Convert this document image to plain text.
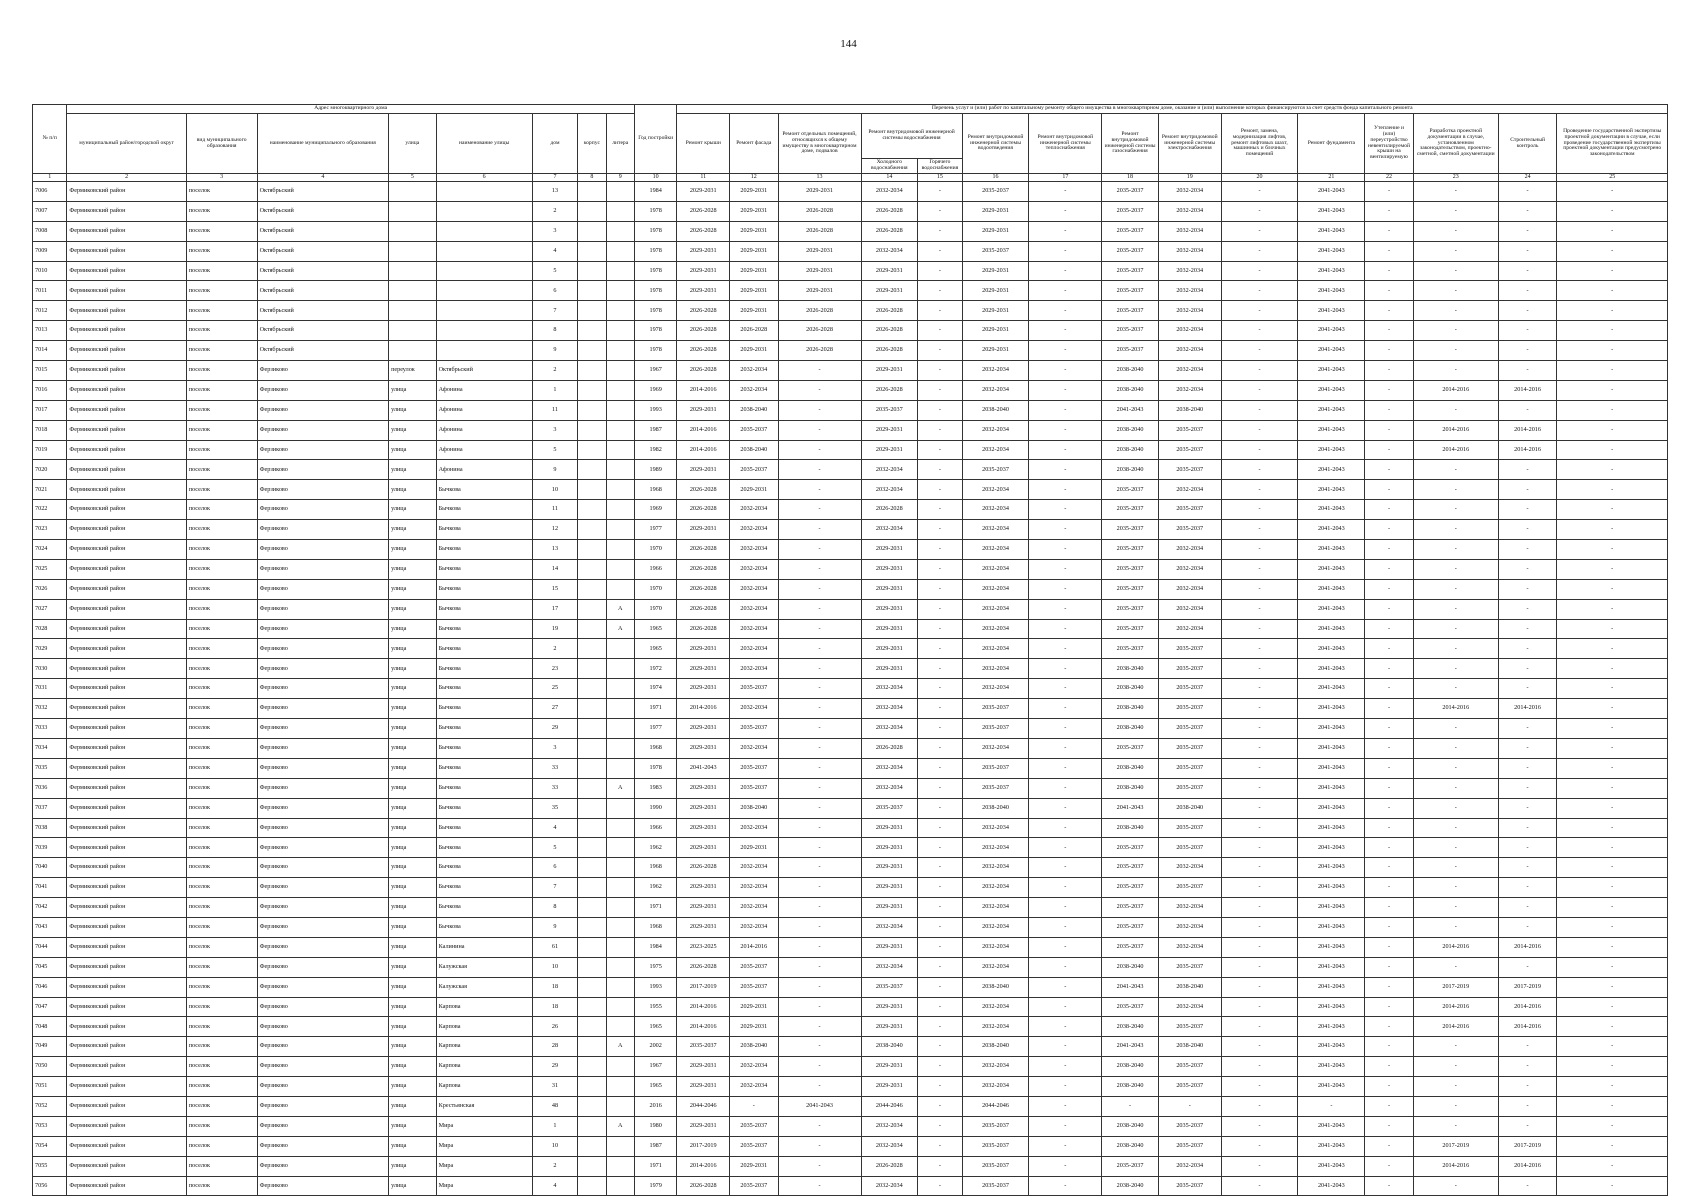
144
№ п/п	Адрес многоквартирного дома								Год постройки	Перечень услуг и (или) работ по капитальному ремонту общего имущества в многоквартирном доме, оказание и (или) выполнение которых финансируются за счет средств фонда капитального ремонта														
	муниципальный район/городской округ	вид муниципального образования	наименование муниципального образования	улица	наименование улицы	дом	корпус	литера		Ремонт крыши	Ремонт фасада	Ремонт отдельных помещений, относящихся к общему имуществу в многоквартирном доме, подвалов	Ремонт внутридомовой инженерной системы водоснабжения		Ремонт внутридомовой инженерной системы водоотведения	Ремонт внутридомовой инженерной системы теплоснабжения	Ремонт внутридомовой инженерной системы газоснабжения	Ремонт внутридомовой инженерной системы электроснабжения	Ремонт, замена, модернизация лифтов, ремонт лифтовых шахт, машинных и блочных помещений	Ремонт фундамента	Утепление и (или) переустройство невентилируемой крыши на вентилируемую	Разработка проектной документации в случае, установленном законодательством, проектно-сметной, сметной документации	Строительный контроль	Проведение государственной экспертизы проектной документации в случае, если проведение государственной экспертизы проектной документации предусмотрено законодательством
													Холодного водоснабжения	Горячего водоснабжения										
1	2	3	4	5	6	7	8	9	10	11	12	13	14	15	16	17	18	19	20	21	22	23	24	25
7006	Фермиковский район	поселок	Октябрьский			13			1984	2029-2031	2029-2031	2029-2031	2032-2034	-	2035-2037	-	2035-2037	2032-2034	-	2041-2043	-	-	-	-
7007	Фермиковский район	поселок	Октябрьский			2			1978	2026-2028	2029-2031	2026-2028	2026-2028	-	2029-2031	-	2035-2037	2032-2034	-	2041-2043	-	-	-	-
7008	Фермиковский район	поселок	Октябрьский			3			1978	2026-2028	2029-2031	2026-2028	2026-2028	-	2029-2031	-	2035-2037	2032-2034	-	2041-2043	-	-	-	-
7009	Фермиковский район	поселок	Октябрьский			4			1978	2029-2031	2029-2031	2029-2031	2032-2034	-	2035-2037	-	2035-2037	2032-2034	-	2041-2043	-	-	-	-
7010	Фермиковский район	поселок	Октябрьский			5			1978	2029-2031	2029-2031	2029-2031	2029-2031	-	2029-2031	-	2035-2037	2032-2034	-	2041-2043	-	-	-	-
7011	Фермиковский район	поселок	Октябрьский			6			1978	2029-2031	2029-2031	2029-2031	2029-2031	-	2029-2031	-	2035-2037	2032-2034	-	2041-2043	-	-	-	-
7012	Фермиковский район	поселок	Октябрьский			7			1978	2026-2028	2029-2031	2026-2028	2026-2028	-	2029-2031	-	2035-2037	2032-2034	-	2041-2043	-	-	-	-
7013	Фермиковский район	поселок	Октябрьский			8			1978	2026-2028	2026-2028	2026-2028	2026-2028	-	2029-2031	-	2035-2037	2032-2034	-	2041-2043	-	-	-	-
7014	Фермиковский район	поселок	Октябрьский			9			1978	2026-2028	2029-2031	2026-2028	2026-2028	-	2029-2031	-	2035-2037	2032-2034	-	2041-2043	-	-	-	-
7015	Фермиковский район	поселок	Ферзиково	переулок	Октябрьский	2			1967	2026-2028	2032-2034	-	2029-2031	-	2032-2034	-	2038-2040	2032-2034	-	2041-2043	-	-	-	-
7016	Фермиковский район	поселок	Ферзиково	улица	Афонина	1			1969	2014-2016	2032-2034	-	2026-2028	-	2032-2034	-	2038-2040	2032-2034	-	2041-2043	-	2014-2016	2014-2016	-
7017	Фермиковский район	поселок	Ферзиково	улица	Афонина	11			1993	2029-2031	2038-2040	-	2035-2037	-	2038-2040	-	2041-2043	2038-2040	-	2041-2043	-	-	-	-
7018	Фермиковский район	поселок	Ферзиково	улица	Афонина	3			1987	2014-2016	2035-2037	-	2029-2031	-	2032-2034	-	2038-2040	2035-2037	-	2041-2043	-	2014-2016	2014-2016	-
7019	Фермиковский район	поселок	Ферзиково	улица	Афонина	5			1982	2014-2016	2038-2040	-	2029-2031	-	2032-2034	-	2038-2040	2035-2037	-	2041-2043	-	2014-2016	2014-2016	-
7020	Фермиковский район	поселок	Ферзиково	улица	Афонина	9			1989	2029-2031	2035-2037	-	2032-2034	-	2035-2037	-	2038-2040	2035-2037	-	2041-2043	-	-	-	-
7021	Фермиковский район	поселок	Ферзиково	улица	Бычкова	10			1968	2026-2028	2029-2031	-	2032-2034	-	2032-2034	-	2035-2037	2032-2034	-	2041-2043	-	-	-	-
7022	Фермиковский район	поселок	Ферзиково	улица	Бычкова	11			1969	2026-2028	2032-2034	-	2026-2028	-	2032-2034	-	2035-2037	2035-2037	-	2041-2043	-	-	-	-
7023	Фермиковский район	поселок	Ферзиково	улица	Бычкова	12			1977	2029-2031	2032-2034	-	2032-2034	-	2032-2034	-	2035-2037	2035-2037	-	2041-2043	-	-	-	-
7024	Фермиковский район	поселок	Ферзиково	улица	Бычкова	13			1970	2026-2028	2032-2034	-	2029-2031	-	2032-2034	-	2035-2037	2032-2034	-	2041-2043	-	-	-	-
7025	Фермиковский район	поселок	Ферзиково	улица	Бычкова	14			1966	2026-2028	2032-2034	-	2029-2031	-	2032-2034	-	2035-2037	2032-2034	-	2041-2043	-	-	-	-
7026	Фермиковский район	поселок	Ферзиково	улица	Бычкова	15			1970	2026-2028	2032-2034	-	2029-2031	-	2032-2034	-	2035-2037	2032-2034	-	2041-2043	-	-	-	-
7027	Фермиковский район	поселок	Ферзиково	улица	Бычкова	17		А	1970	2026-2028	2032-2034	-	2029-2031	-	2032-2034	-	2035-2037	2032-2034	-	2041-2043	-	-	-	-
7028	Фермиковский район	поселок	Ферзиково	улица	Бычкова	19		А	1965	2026-2028	2032-2034	-	2029-2031	-	2032-2034	-	2035-2037	2032-2034	-	2041-2043	-	-	-	-
7029	Фермиковский район	поселок	Ферзиково	улица	Бычкова	2			1965	2029-2031	2032-2034	-	2029-2031	-	2032-2034	-	2035-2037	2035-2037	-	2041-2043	-	-	-	-
7030	Фермиковский район	поселок	Ферзиково	улица	Бычкова	23			1972	2029-2031	2032-2034	-	2029-2031	-	2032-2034	-	2038-2040	2035-2037	-	2041-2043	-	-	-	-
7031	Фермиковский район	поселок	Ферзиково	улица	Бычкова	25			1974	2029-2031	2035-2037	-	2032-2034	-	2032-2034	-	2038-2040	2035-2037	-	2041-2043	-	-	-	-
7032	Фермиковский район	поселок	Ферзиково	улица	Бычкова	27			1971	2014-2016	2032-2034	-	2032-2034	-	2035-2037	-	2038-2040	2035-2037	-	2041-2043	-	2014-2016	2014-2016	-
7033	Фермиковский район	поселок	Ферзиково	улица	Бычкова	29			1977	2029-2031	2035-2037	-	2032-2034	-	2035-2037	-	2038-2040	2035-2037	-	2041-2043	-	-	-	-
7034	Фермиковский район	поселок	Ферзиково	улица	Бычкова	3			1968	2029-2031	2032-2034	-	2026-2028	-	2032-2034	-	2035-2037	2035-2037	-	2041-2043	-	-	-	-
7035	Фермиковский район	поселок	Ферзиково	улица	Бычкова	33			1978	2041-2043	2035-2037	-	2032-2034	-	2035-2037	-	2038-2040	2035-2037	-	2041-2043	-	-	-	-
7036	Фермиковский район	поселок	Ферзиково	улица	Бычкова	33		А	1983	2029-2031	2035-2037	-	2032-2034	-	2035-2037	-	2038-2040	2035-2037	-	2041-2043	-	-	-	-
7037	Фермиковский район	поселок	Ферзиково	улица	Бычкова	35			1990	2029-2031	2038-2040	-	2035-2037	-	2038-2040	-	2041-2043	2038-2040	-	2041-2043	-	-	-	-
7038	Фермиковский район	поселок	Ферзиково	улица	Бычкова	4			1966	2029-2031	2032-2034	-	2029-2031	-	2032-2034	-	2038-2040	2035-2037	-	2041-2043	-	-	-	-
7039	Фермиковский район	поселок	Ферзиково	улица	Бычкова	5			1962	2029-2031	2029-2031	-	2029-2031	-	2032-2034	-	2035-2037	2035-2037	-	2041-2043	-	-	-	-
7040	Фермиковский район	поселок	Ферзиково	улица	Бычкова	6			1968	2026-2028	2032-2034	-	2029-2031	-	2032-2034	-	2035-2037	2032-2034	-	2041-2043	-	-	-	-
7041	Фермиковский район	поселок	Ферзиково	улица	Бычкова	7			1962	2029-2031	2032-2034	-	2029-2031	-	2032-2034	-	2035-2037	2035-2037	-	2041-2043	-	-	-	-
7042	Фермиковский район	поселок	Ферзиково	улица	Бычкова	8			1971	2029-2031	2032-2034	-	2029-2031	-	2032-2034	-	2035-2037	2032-2034	-	2041-2043	-	-	-	-
7043	Фермиковский район	поселок	Ферзиково	улица	Бычкова	9			1968	2029-2031	2032-2034	-	2032-2034	-	2032-2034	-	2035-2037	2032-2034	-	2041-2043	-	-	-	-
7044	Фермиковский район	поселок	Ферзиково	улица	Калинина	61			1984	2023-2025	2014-2016	-	2029-2031	-	2032-2034	-	2035-2037	2032-2034	-	2041-2043	-	2014-2016	2014-2016	-
7045	Фермиковский район	поселок	Ферзиково	улица	Калужская	10			1975	2026-2028	2035-2037	-	2032-2034	-	2032-2034	-	2038-2040	2035-2037	-	2041-2043	-	-	-	-
7046	Фермиковский район	поселок	Ферзиково	улица	Калужская	18			1993	2017-2019	2035-2037	-	2035-2037	-	2038-2040	-	2041-2043	2038-2040	-	2041-2043	-	2017-2019	2017-2019	-
7047	Фермиковский район	поселок	Ферзиково	улица	Карпова	18			1955	2014-2016	2029-2031	-	2029-2031	-	2032-2034	-	2035-2037	2032-2034	-	2041-2043	-	2014-2016	2014-2016	-
7048	Фермиковский район	поселок	Ферзиково	улица	Карпова	26			1965	2014-2016	2029-2031	-	2029-2031	-	2032-2034	-	2038-2040	2035-2037	-	2041-2043	-	2014-2016	2014-2016	-
7049	Фермиковский район	поселок	Ферзиково	улица	Карпова	28		А	2002	2035-2037	2038-2040	-	2038-2040	-	2038-2040	-	2041-2043	2038-2040	-	2041-2043	-	-	-	-
7050	Фермиковский район	поселок	Ферзиково	улица	Карпова	29			1967	2029-2031	2032-2034	-	2029-2031	-	2032-2034	-	2038-2040	2035-2037	-	2041-2043	-	-	-	-
7051	Фермиковский район	поселок	Ферзиково	улица	Карпова	31			1965	2029-2031	2032-2034	-	2029-2031	-	2032-2034	-	2038-2040	2035-2037	-	2041-2043	-	-	-	-
7052	Фермиковский район	поселок	Ферзиково	улица	Крестьянская	48			2016	2044-2046	-	2041-2043	2044-2046	-	2044-2046	-	-	-	-	-	-	-	-	-
7053	Фермиковский район	поселок	Ферзиково	улица	Мира	1		А	1980	2029-2031	2035-2037	-	2032-2034	-	2035-2037	-	2038-2040	2035-2037	-	2041-2043	-	-	-	-
7054	Фермиковский район	поселок	Ферзиково	улица	Мира	10			1987	2017-2019	2035-2037	-	2032-2034	-	2035-2037	-	2038-2040	2035-2037	-	2041-2043	-	2017-2019	2017-2019	-
7055	Фермиковский район	поселок	Ферзиково	улица	Мира	2			1971	2014-2016	2029-2031	-	2026-2028	-	2035-2037	-	2035-2037	2032-2034	-	2041-2043	-	2014-2016	2014-2016	-
7056	Фермиковский район	поселок	Ферзиково	улица	Мира	4			1979	2026-2028	2035-2037	-	2032-2034	-	2035-2037	-	2038-2040	2035-2037	-	2041-2043	-	-	-	-
